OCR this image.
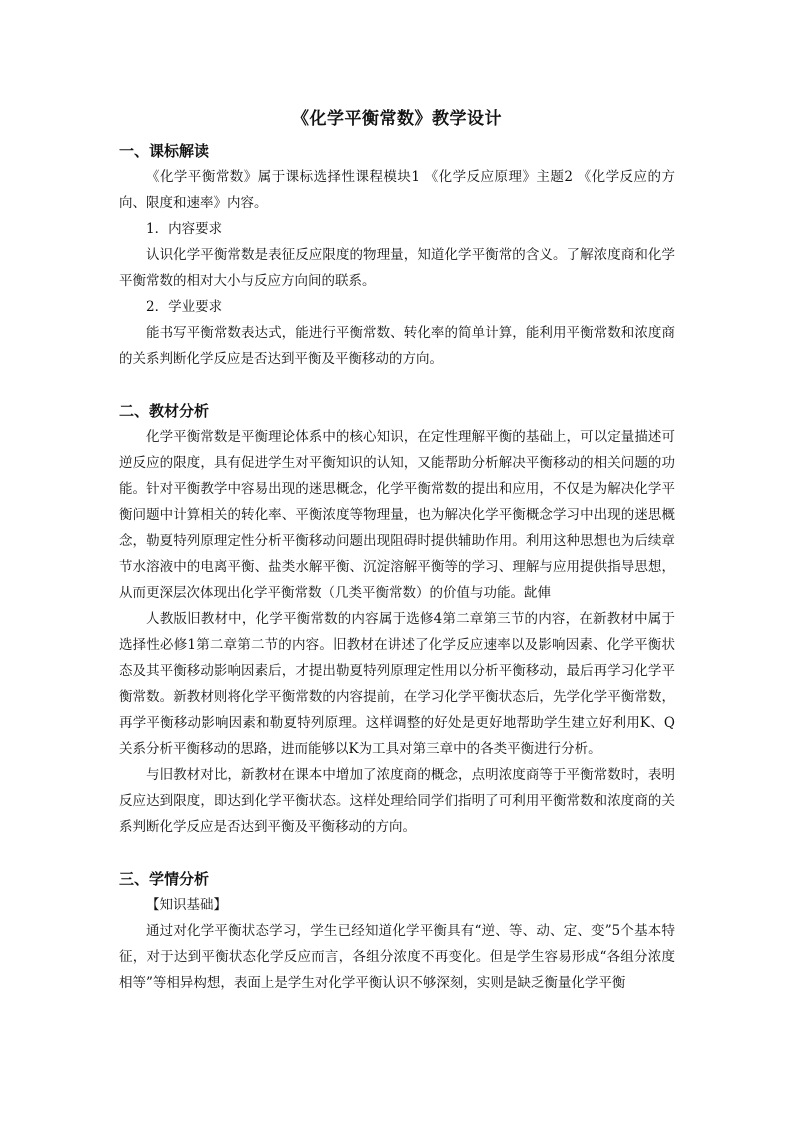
《化学平衡常数》教学设计

一、课标解读

《化学平衡常数》属于课标选择性课程模块1 《化学反应原理》主题2 《化学反应的方向、限度和速率》内容。

1．内容要求

认识化学平衡常数是表征反应限度的物理量，知道化学平衡常的含义。了解浓度商和化学平衡常数的相对大小与反应方向间的联系。

2．学业要求

能书写平衡常数表达式，能进行平衡常数、转化率的简单计算，能利用平衡常数和浓度商的关系判断化学反应是否达到平衡及平衡移动的方向。

二、教材分析

化学平衡常数是平衡理论体系中的核心知识，在定性理解平衡的基础上，可以定量描述可逆反应的限度，具有促进学生对平衡知识的认知，又能帮助分析解决平衡移动的相关问题的功能。针对平衡教学中容易出现的迷思概念，化学平衡常数的提出和应用，不仅是为解决化学平衡问题中计算相关的转化率、平衡浓度等物理量，也为解决化学平衡概念学习中出现的迷思概念，勒夏特列原理定性分析平衡移动问题出现阻碍时提供辅助作用。利用这种思想也为后续章节水溶液中的电离平衡、盐类水解平衡、沉淀溶解平衡等的学习、理解与应用提供指导思想，从而更深层次体现出化学平衡常数（几类平衡常数）的价值与功能。龀俥

人教版旧教材中，化学平衡常数的内容属于选修4第二章第三节的内容，在新教材中属于选择性必修1第二章第二节的内容。旧教材在讲述了化学反应速率以及影响因素、化学平衡状态及其平衡移动影响因素后，才提出勒夏特列原理定性用以分析平衡移动，最后再学习化学平衡常数。新教材则将化学平衡常数的内容提前，在学习化学平衡状态后，先学化学平衡常数，再学平衡移动影响因素和勒夏特列原理。这样调整的好处是更好地帮助学生建立好利用K、Q关系分析平衡移动的思路，进而能够以K为工具对第三章中的各类平衡进行分析。

与旧教材对比，新教材在课本中增加了浓度商的概念，点明浓度商等于平衡常数时，表明反应达到限度，即达到化学平衡状态。这样处理给同学们指明了可利用平衡常数和浓度商的关系判断化学反应是否达到平衡及平衡移动的方向。

三、学情分析

【知识基础】

通过对化学平衡状态学习，学生已经知道化学平衡具有“逆、等、动、定、变”5个基本特征，对于达到平衡状态化学反应而言，各组分浓度不再变化。但是学生容易形成“各组分浓度相等”等相异构想，表面上是学生对化学平衡认识不够深刻，实则是缺乏衡量化学平衡
